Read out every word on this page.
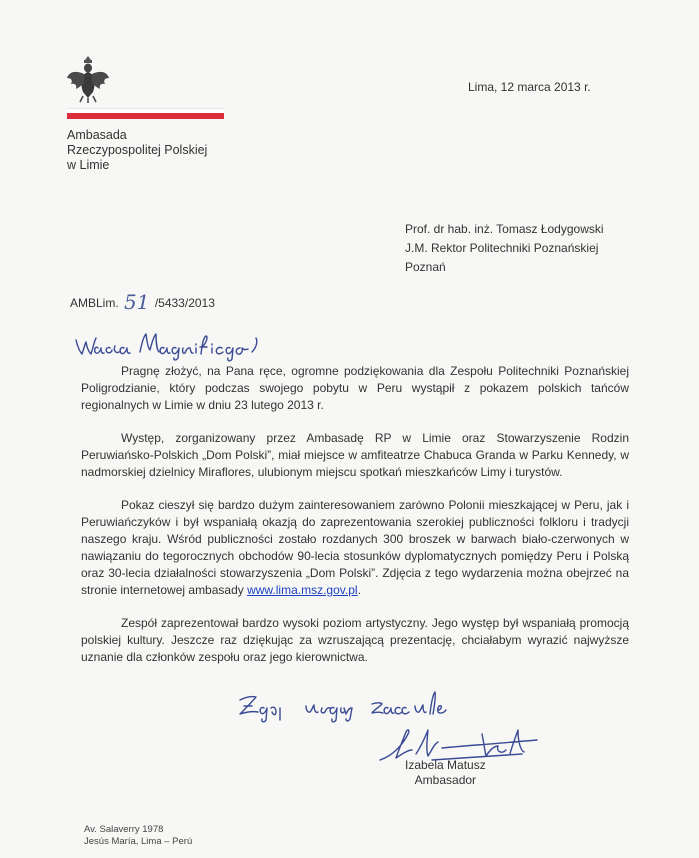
Ambasada
Rzeczypospolitej Polskiej
w Limie
Lima, 12 marca 2013 r.
Prof. dr hab. inż. Tomasz Łodygowski
J.M. Rektor Politechniki Poznańskiej
Poznań
AMBLim. 51 /5433/2013

Pragnę złożyć, na Pana ręce, ogromne podziękowania dla Zespołu Politechniki Poznańskiej Poligrodzianie, który podczas swojego pobytu w Peru wystąpił z pokazem polskich tańców regionalnych w Limie w dniu 23 lutego 2013 r.

Występ, zorganizowany przez Ambasadę RP w Limie oraz Stowarzyszenie Rodzin Peruwiańsko-Polskich „Dom Polski”, miał miejsce w amfiteatrze Chabuca Granda w Parku Kennedy, w nadmorskiej dzielnicy Miraflores, ulubionym miejscu spotkań mieszkańców Limy i turystów.

Pokaz cieszył się bardzo dużym zainteresowaniem zarówno Polonii mieszkającej w Peru, jak i Peruwiańczyków i był wspaniałą okazją do zaprezentowania szerokiej publiczności folkloru i tradycji naszego kraju. Wśród publiczności zostało rozdanych 300 broszek w barwach biało-czerwonych w nawiązaniu do tegorocznych obchodów 90-lecia stosunków dyplomatycznych pomiędzy Peru i Polską oraz 30-lecia działalności stowarzyszenia „Dom Polski”. Zdjęcia z tego wydarzenia można obejrzeć na stronie internetowej ambasady www.lima.msz.gov.pl.

Zespół zaprezentował bardzo wysoki poziom artystyczny. Jego występ był wspaniałą promocją polskiej kultury. Jeszcze raz dziękując za wzruszającą prezentację, chciałabym wyrazić najwyższe uznanie dla członków zespołu oraz jego kierownictwa.

Izabela Matusz
Ambasador
Av. Salaverry 1978
Jesús María, Lima – Perú
